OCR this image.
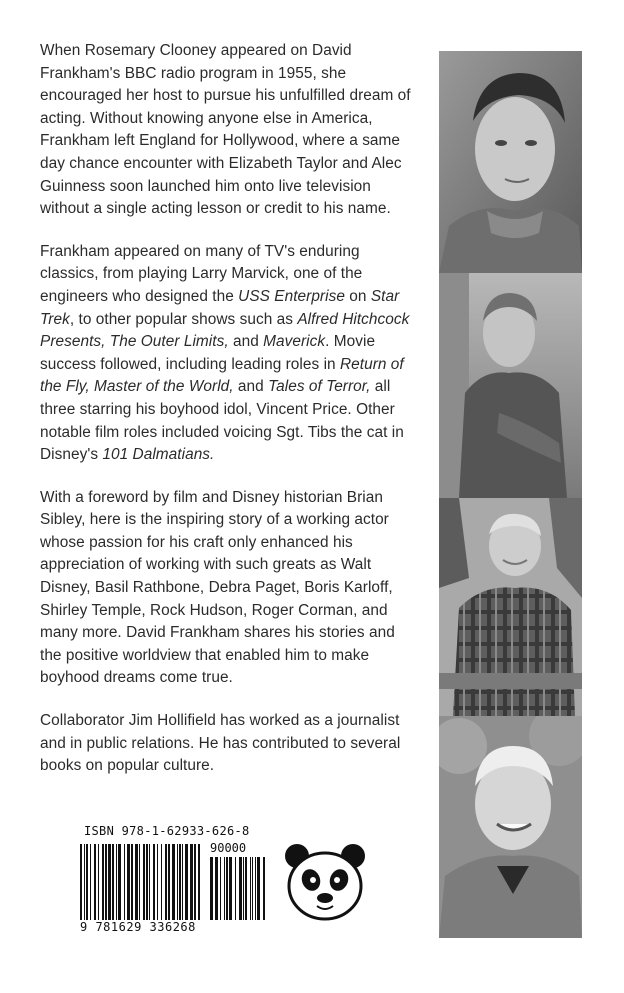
When Rosemary Clooney appeared on David Frankham's BBC radio program in 1955, she encouraged her host to pursue his unfulfilled dream of acting. Without knowing anyone else in America, Frankham left England for Hollywood, where a same day chance encounter with Elizabeth Taylor and Alec Guinness soon launched him onto live television without a single acting lesson or credit to his name.

Frankham appeared on many of TV's enduring classics, from playing Larry Marvick, one of the engineers who designed the USS Enterprise on Star Trek, to other popular shows such as Alfred Hitchcock Presents, The Outer Limits, and Maverick. Movie success followed, including leading roles in Return of the Fly, Master of the World, and Tales of Terror, all three starring his boyhood idol, Vincent Price. Other notable film roles included voicing Sgt. Tibs the cat in Disney's 101 Dalmatians.

With a foreword by film and Disney historian Brian Sibley, here is the inspiring story of a working actor whose passion for his craft only enhanced his appreciation of working with such greats as Walt Disney, Basil Rathbone, Debra Paget, Boris Karloff, Shirley Temple, Rock Hudson, Roger Corman, and many more. David Frankham shares his stories and the positive worldview that enabled him to make boyhood dreams come true.

Collaborator Jim Hollifield has worked as a journalist and in public relations. He has contributed to several books on popular culture.

ISBN 978-1-62933-626-8
90000
9 781629 336268
